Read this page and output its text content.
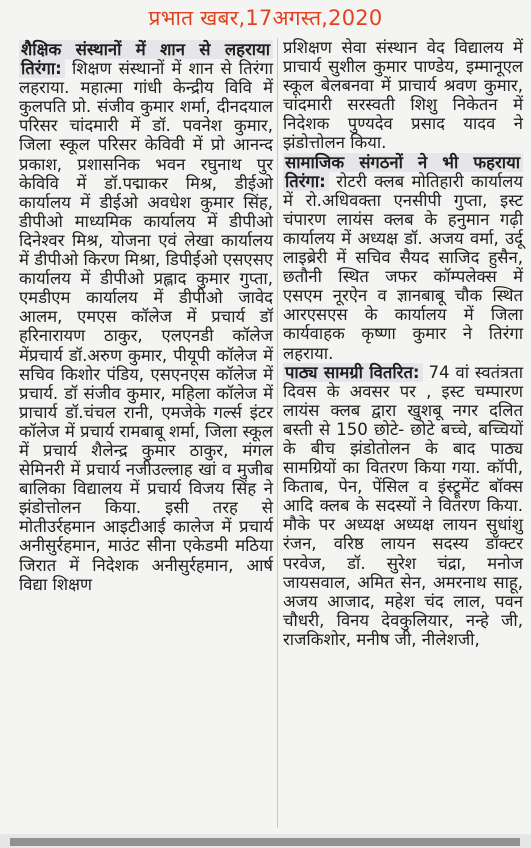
प्रभात खबर,17अगस्त,2020

शैक्षिक संस्थानों में शान से लहराया तिरंगा: शिक्षण संस्थानों में शान से तिरंगा लहराया. महात्मा गांधी केन्द्रीय विवि में कुलपति प्रो. संजीव कुमार शर्मा, दीनदयाल परिसर चांदमारी में डॉ. पवनेश कुमार, जिला स्कूल परिसर केविवी में प्रो आनन्द प्रकाश, प्रशासनिक भवन रघुनाथ पुर केविवि में डॉ.पद्माकर मिश्र, डीईओ कार्यालय में डीईओ अवधेश कुमार सिंह, डीपीओ माध्यमिक कार्यालय में डीपीओ दिनेश्वर मिश्र, योजना एवं लेखा कार्यालय में डीपीओ किरण मिश्रा, डिपीईओ एसएसए कार्यालय में डीपीओ प्रह्लाद कुमार गुप्ता, एमडीएम कार्यालय में डीपीओ जावेद आलम, एमएस कॉलेज में प्रचार्य डॉ हरिनारायण ठाकुर, एलएनडी कॉलेज मेंप्रचार्य डॉ.अरुण कुमार, पीयूपी कॉलेज में सचिव किशोर पंडिय, एसएनएस कॉलेज में प्रचार्य. डॉ संजीव कुमार, महिला कॉलेज में प्राचार्य डॉ.चंचल रानी, एमजेके गर्ल्स इंटर कॉलेज में प्रचार्य रामबाबू शर्मा, जिला स्कूल में प्रचार्य शैलेन्द्र कुमार ठाकुर, मंगल सेमिनरी में प्रचार्य नजीउल्लाह खां व मुजीब बालिका विद्यालय में प्रचार्य विजय सिंह ने झंडोत्तोलन किया. इसी तरह से मोतीउर्रहमान आइटीआई कालेज में प्रचार्य अनीसुर्रहमान, माउंट सीना एकेडमी मठिया जिरात में निदेशक अनीसुर्रहमान, आर्ष विद्या शिक्षण

प्रशिक्षण सेवा संस्थान वेद विद्यालय में प्राचार्य सुशील कुमार पाण्डेय, इम्मानूएल स्कूल बेलबनवा में प्राचार्य श्रवण कुमार, चांदमारी सरस्वती शिशु निकेतन में निदेशक पुण्यदेव प्रसाद यादव ने झंडोत्तोलन किया.

सामाजिक संगठनों ने भी फहराया तिरंगा: रोटरी क्लब मोतिहारी कार्यालय में रो.अधिवक्ता एनसीपी गुप्ता, इस्ट चंपारण लायंस क्लब के हनुमान गढ़ी कार्यालय में अध्यक्ष डॉ. अजय वर्मा, उर्दू लाइब्रेरी में सचिव सैयद साजिद हुसैन, छतौनी स्थित जफर कॉम्पलेक्स में एसएम नूरऐन व ज्ञानबाबू चौक स्थित आरएसएस के कार्यालय में जिला कार्यवाहक कृष्णा कुमार ने तिरंगा लहराया.

पाठ्य सामग्री वितरित: 74 वां स्वतंत्रता दिवस के अवसर पर , इस्ट चम्पारण लायंस क्लब द्वारा खुशबू नगर दलित बस्ती से 150 छोटे- छोटे बच्चे, बच्चियों के बीच झंडोतोलन के बाद पाठ्य सामग्रियों का वितरण किया गया. कॉपी, किताब, पेन, पेंसिल व इंस्ट्रूमेंट बॉक्स आदि क्लब के सदस्यों ने वितरण किया. मौके पर अध्यक्ष अध्यक्ष लायन सुधांशु रंजन, वरिष्ठ लायन सदस्य डॉक्टर परवेज, डॉ. सुरेश चंद्रा, मनोज जायसवाल, अमित सेन, अमरनाथ साहू, अजय आजाद, महेश चंद लाल, पवन चौधरी, विनय देवकुलियार, नन्हे जी, राजकिशोर, मनीष जी, नीलेशजी,
